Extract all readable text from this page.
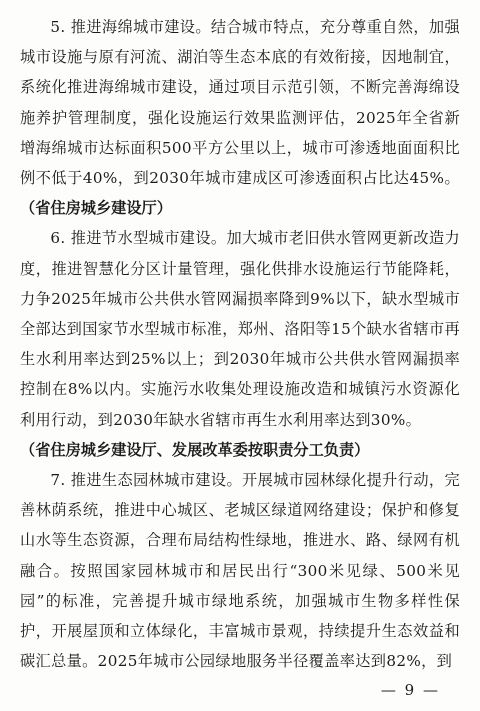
5. 推进海绵城市建设。结合城市特点，充分尊重自然，加强城市设施与原有河流、湖泊等生态本底的有效衔接，因地制宜，系统化推进海绵城市建设，通过项目示范引领，不断完善海绵设施养护管理制度，强化设施运行效果监测评估，2025年全省新增海绵城市达标面积500平方公里以上，城市可渗透地面面积比例不低于40%，到2030年城市建成区可渗透面积占比达45%。（省住房城乡建设厅）

6. 推进节水型城市建设。加大城市老旧供水管网更新改造力度，推进智慧化分区计量管理，强化供排水设施运行节能降耗，力争2025年城市公共供水管网漏损率降到9%以下，缺水型城市全部达到国家节水型城市标准，郑州、洛阳等15个缺水省辖市再生水利用率达到25%以上；到2030年城市公共供水管网漏损率控制在8%以内。实施污水收集处理设施改造和城镇污水资源化利用行动，到2030年缺水省辖市再生水利用率达到30%。
（省住房城乡建设厅、发展改革委按职责分工负责）

7. 推进生态园林城市建设。开展城市园林绿化提升行动，完善林荫系统，推进中心城区、老城区绿道网络建设；保护和修复山水等生态资源，合理布局结构性绿地，推进水、路、绿网有机融合。按照国家园林城市和居民出行“300米见绿、500米见园”的标准，完善提升城市绿地系统，加强城市生物多样性保护，开展屋顶和立体绿化，丰富城市景观，持续提升生态效益和碳汇总量。2025年城市公园绿地服务半径覆盖率达到82%，到

— 9 —
